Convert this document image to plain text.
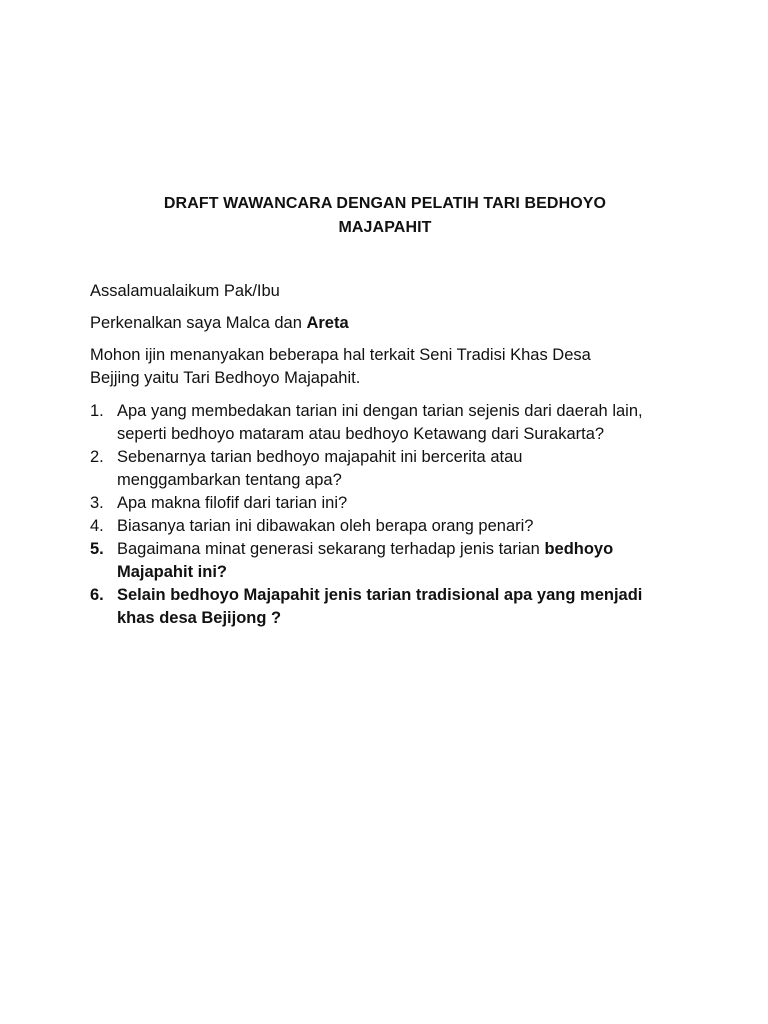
DRAFT WAWANCARA DENGAN PELATIH TARI BEDHOYO
MAJAPAHIT
Assalamualaikum Pak/Ibu
Perkenalkan saya Malca dan Areta
Mohon ijin menanyakan beberapa hal terkait Seni Tradisi Khas Desa
Bejjing yaitu Tari Bedhoyo Majapahit.
1. Apa yang membedakan tarian ini dengan tarian sejenis dari daerah lain,
seperti bedhoyo mataram atau bedhoyo Ketawang dari Surakarta?
2. Sebenarnya tarian bedhoyo majapahit ini bercerita atau
menggambarkan tentang apa?
3. Apa makna filofif dari tarian ini?
4. Biasanya tarian ini dibawakan oleh berapa orang penari?
5. Bagaimana minat generasi sekarang terhadap jenis tarian bedhoyo
Majapahit ini?
6. Selain bedhoyo Majapahit jenis tarian tradisional apa yang menjadi
khas desa Bejijong ?
